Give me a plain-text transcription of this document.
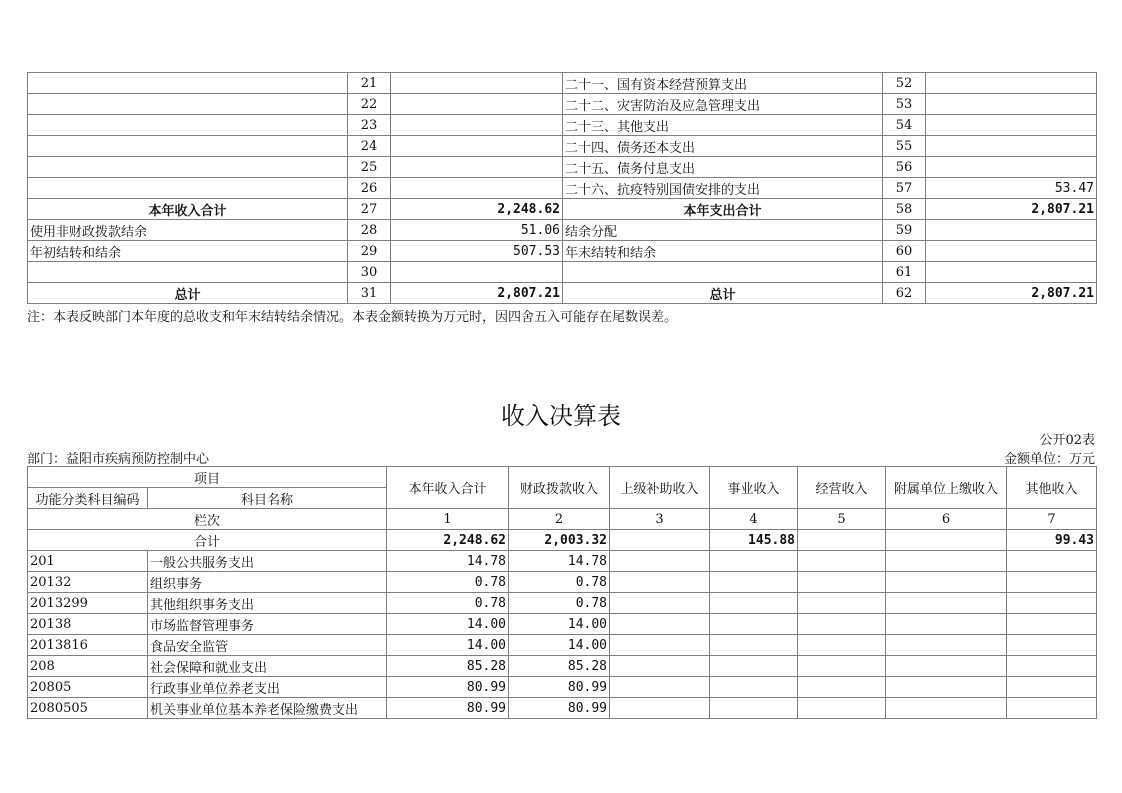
	21		二十一、国有资本经营预算支出	52	
	22		二十二、灾害防治及应急管理支出	53	
	23		二十三、其他支出	54	
	24		二十四、债务还本支出	55	
	25		二十五、债务付息支出	56	
	26		二十六、抗疫特别国债安排的支出	57	53.47
本年收入合计	27	2,248.62	本年支出合计	58	2,807.21
使用非财政拨款结余	28	51.06	结余分配	59	
年初结转和结余	29	507.53	年末结转和结余	60	
	30			61	
总计	31	2,807.21	总计	62	2,807.21
注：本表反映部门本年度的总收支和年末结转结余情况。本表金额转换为万元时，因四舍五入可能存在尾数误差。
收入决算表
公开02表
部门：益阳市疾病预防控制中心	金额单位：万元
项目		本年收入合计	财政拨款收入	上级补助收入	事业收入	经营收入	附属单位上缴收入	其他收入
功能分类科目编码	科目名称							
栏次		1	2	3	4	5	6	7
合计		2,248.62	2,003.32		145.88			99.43
201	一般公共服务支出	14.78	14.78					
20132	组织事务	0.78	0.78					
2013299	其他组织事务支出	0.78	0.78					
20138	市场监督管理事务	14.00	14.00					
2013816	食品安全监管	14.00	14.00					
208	社会保障和就业支出	85.28	85.28					
20805	行政事业单位养老支出	80.99	80.99					
2080505	机关事业单位基本养老保险缴费支出	80.99	80.99					
